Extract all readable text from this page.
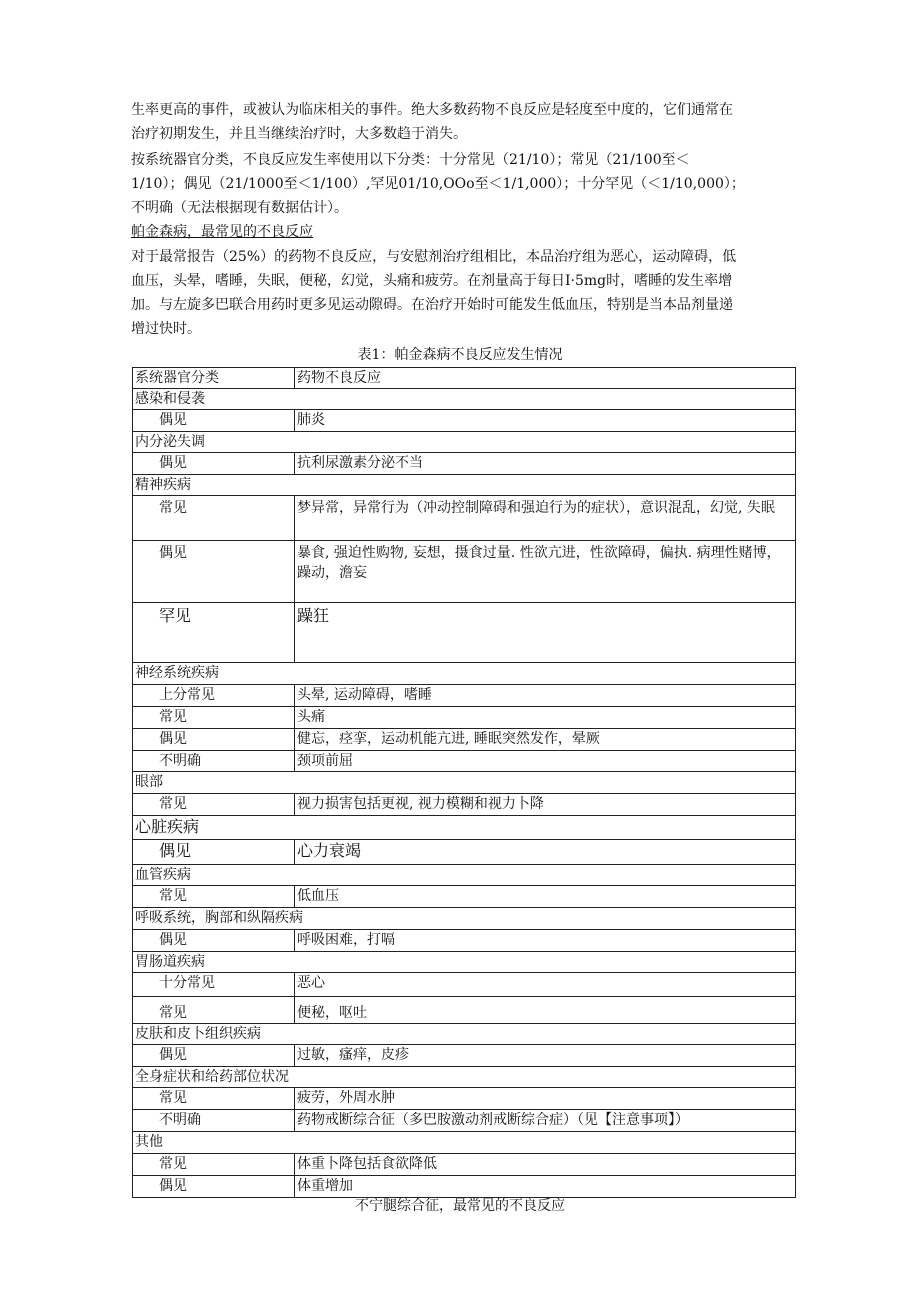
生率更高的事件，或被认为临床相关的事件。绝大多数药物不良反应是轻度至中度的，它们通常在
治疗初期发生，并且当继续治疗时，大多数趋于消失。

按系统器官分类，不良反应发生率使用以下分类：十分常见（21/10）；常见（21/100至＜
1/10）；偶见（21/1000至＜1/100）,罕见01/10,OOo至＜1/1,000）；十分罕见（＜1/10,000）；
不明确（无法根据现有数据估计）。

帕金森病，最常见的不良反应

对于最常报告（25%）的药物不良反应，与安慰剂治疗组相比，本品治疗组为恶心，运动障碍，低
血压，头晕，嗜睡，失眠，便秘，幻觉，头痛和疲劳。在剂量高于每日I·5mg时，嗜睡的发生率增
加。与左旋多巴联合用药时更多见运动隙碍。在治疗开始时可能发生低血压，特别是当本品剂量递
增过快时。

表1：帕金森病不良反应发生情况
系统器官分类	药物不良反应
感染和侵袭	
偶见	肺炎
内分泌失调	
偶见	抗利尿激素分泌不当
精神疾病	
常见	梦异常，异常行为（冲动控制障碍和强迫行为的症状），意识混乱，幻觉, 失眠
偶见	暴食, 强迫性购物, 妄想，摄食过量. 性欲亢进，性欲障碍，偏执. 病理性赌博，躁动，澹妄
罕见	躁狂
神经系统疾病	
上分常见	头晕, 运动障碍，嗜睡
常见	头痛
偶见	健忘，痉挛，运动机能亢进, 睡眠突然发作，晕厥
不明确	颈项前屈
眼部	
常见	视力损害包括更视, 视力模糊和视力卜降
心脏疾病	
偶见	心力衰竭
血管疾病	
常见	低血压
呼吸系统，胸部和纵隔疾病	
偶见	呼吸困难，打嗝
胃肠道疾病	
十分常见	恶心
常见	便秘，呕吐
皮肤和皮卜组织疾病	
偶见	过敏，瘙痒，皮疹
全身症状和给药部位状况	
常见	疲劳，外周水肿
不明确	药物戒断综合征（多巴胺激动剂戒断综合症）（见【注意事项】）
其他	
常见	体重卜降包括食欲降低
偶见	体重增加
不宁腿综合征，最常见的不良反应
